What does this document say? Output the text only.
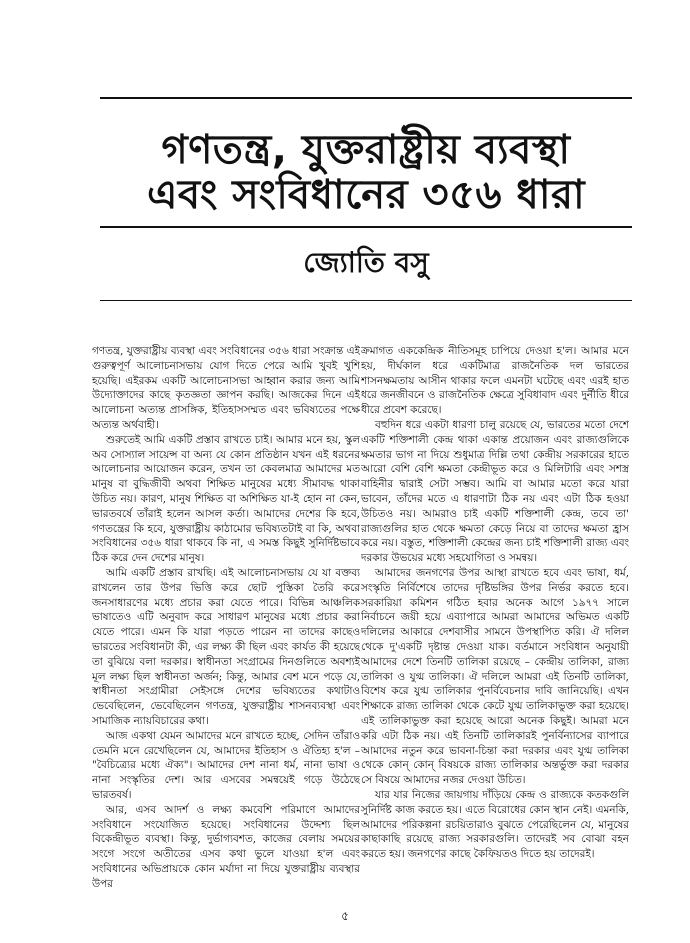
গণতন্ত্র, যুক্তরাষ্ট্রীয় ব্যবস্থা
এবং সংবিধানের ৩৫৬ ধারা
জ্যোতি বসু

গণতন্ত্র, যুক্তরাষ্ট্রীয় ব্যবস্থা এবং সংবিধানের ৩৫৬ ধারা সংক্রান্ত এই গুরুত্বপূর্ণ আলোচনাসভায় যোগ দিতে পেরে আমি খুবই খুশি হয়েছি। এইরকম একটি আলোচনাসভা আহ্বান করার জন্য আমি উদ্যোক্তাদের কাছে কৃতজ্ঞতা জ্ঞাপন করছি। আজকের দিনে এই আলোচনা অত্যন্ত প্রাসঙ্গিক, ইতিহাসসম্মত এবং ভবিষ্যতের পক্ষে অত্যন্ত অর্থবাহী।

শুরুতেই আমি একটি প্রস্তাব রাখতে চাই। আমার মনে হয়, স্কুল অব সোস্যাল সায়েন্স বা অন্য যে কোন প্রতিষ্ঠান যখন এই ধরনের আলোচনার আয়োজন করেন, তখন তা কেবলমাত্র আমাদের মত মানুষ বা বুদ্ধিজীবী অথবা শিক্ষিত মানুষের মধ্যে সীমাবদ্ধ থাকা উচিত নয়। কারণ, মানুষ শিক্ষিত বা অশিক্ষিত যা-ই হোন না কেন, ভারতবর্ষে তাঁরাই হলেন আসল কর্তা। আমাদের দেশের কি হবে, গণতন্ত্রের কি হবে, যুক্তরাষ্ট্রীয় কাঠামোর ভবিষ্যতটাই বা কি, অথবা সংবিধানের ৩৫৬ ধারা থাকবে কি না, এ সমস্ত কিছুই সুনির্দিষ্টভাবে ঠিক করে দেন দেশের মানুষ।

আমি একটি প্রস্তাব রাখছি। এই আলোচনাসভায় যে যা বক্তব্য রাখলেন তার উপর ভিত্তি করে ছোট পুস্তিকা তৈরি করে জনসাধারণের মধ্যে প্রচার করা যেতে পারে। বিভিন্ন আঞ্চলিক ভাষাতেও এটি অনুবাদ করে সাধারণ মানুষের মধ্যে প্রচার করা যেতে পারে। এমন কি যারা পড়তে পারেন না তাদের কাছেও ভারতের সংবিধানটা কী, এর লক্ষ্য কী ছিল এবং কার্যত কী হয়েছে তা বুঝিয়ে বলা দরকার। স্বাধীনতা সংগ্রামের দিনগুলিতে অবশ্যই মূল লক্ষ্য ছিল স্বাধীনতা অর্জন; কিন্তু, আমার বেশ মনে পড়ে যে, স্বাধীনতা সংগ্রামীরা সেইসঙ্গে দেশের ভবিষ্যতের কথাটাও ভেবেছিলেন, ভেবেছিলেন গণতন্ত্র, যুক্তরাষ্ট্রীয় শাসনব্যবস্থা এবং সামাজিক ন্যায়বিচারের কথা।

আজ একথা যেমন আমাদের মনে রাখতে হচ্ছে, সেদিন তাঁরাও তেমনি মনে রেখেছিলেন যে, আমাদের ইতিহাস ও ঐতিহ্য হ'ল – "বৈচিত্র্যের মধ্যে ঐক্য"। আমাদের দেশ নানা ধর্ম, নানা ভাষা ও নানা সংস্কৃতির দেশ। আর এসবের সমন্বয়েই গড়ে উঠেছে ভারতবর্ষ।

আর, এসব আদর্শ ও লক্ষ্য কমবেশি পরিমাণে আমাদের সংবিধানে সংযোজিত হয়েছে। সংবিধানের উদ্দেশ্য ছিল বিকেন্দ্রীভূত ব্যবস্থা। কিন্তু, দুর্ভাগ্যবশত, কাজের বেলায় সময়ের সংগে সংগে অতীতের এসব কথা ভুলে যাওয়া হ'ল এবং সংবিধানের অভিপ্রায়কে কোন মর্যাদা না দিয়ে যুক্তরাষ্ট্রীয় ব্যবস্থার উপর

ক্রমাগত এককেন্দ্রিক নীতিসমূহ চাপিয়ে দেওয়া হ'ল। আমার মনে হয়, দীর্ঘকাল ধরে একটিমাত্র রাজনৈতিক দল ভারতের শাসনক্ষমতায় আসীন থাকার ফলে এমনটা ঘটেছে এবং এরই হাত ধরে জনজীবনে ও রাজনৈতিক ক্ষেত্রে সুবিধাবাদ এবং দুর্নীতি ধীরে ধীরে প্রবেশ করেছে।

বহুদিন ধরে একটা ধারণা চালু রয়েছে যে, ভারতের মতো দেশে একটি শক্তিশালী কেন্দ্র থাকা একান্ত প্রয়োজন এবং রাজ্যগুলিকে ক্ষমতার ভাগ না দিয়ে শুধুমাত্র দিল্লি তথা কেন্দ্রীয় সরকারের হাতে আরো বেশি বেশি ক্ষমতা কেন্দ্রীভূত করে ও মিলিটারি এবং সশস্ত্র বাহিনীর দ্বারাই সেটা সম্ভব। আমি বা আমার মতো করে যারা ভাবেন, তাঁদের মতে এ ধারণাটা ঠিক নয় এবং এটা ঠিক হওয়া উচিতও নয়। আমরাও চাই একটি শক্তিশালী কেন্দ্র, তবে তা' রাজ্যগুলির হাত থেকে ক্ষমতা কেড়ে নিয়ে বা তাদের ক্ষমতা হ্রাস করে নয়। বস্তুত, শক্তিশালী কেন্দ্রের জন্য চাই শক্তিশালী রাজ্য এবং দরকার উভয়ের মধ্যে সহযোগিতা ও সমন্বয়।

আমাদের জনগণের উপর আস্থা রাখতে হবে এবং ভাষা, ধর্ম, সংস্কৃতি নির্বিশেষে তাদের দৃষ্টিভঙ্গির উপর নির্ভর করতে হবে। সরকারিয়া কমিশন গঠিত হবার অনেক আগে ১৯৭৭ সালে নির্বাচনে জয়ী হয়ে এব্যাপারে আমরা আমাদের অভিমত একটি দলিলের আকারে দেশবাসীর সামনে উপস্থাপিত করি। ঐ দলিল থেকে দু'একটি দৃষ্টান্ত দেওয়া যাক। বর্তমানে সংবিধান অনুযায়ী আমাদের দেশে তিনটি তালিকা রয়েছে – কেন্দ্রীয় তালিকা, রাজ্য তালিকা ও যুগ্ম তালিকা। ঐ দলিলে আমরা এই তিনটি তালিকা, বিশেষ করে যুগ্ম তালিকার পুনর্বিবেচনার দাবি জানিয়েছি। এখন শিক্ষাকে রাজ্য তালিকা থেকে কেটে যুগ্ম তালিকাভুক্ত করা হয়েছে। এই তালিকাভুক্ত করা হয়েছে আরো অনেক কিছুই। আমরা মনে করি এটা ঠিক নয়। এই তিনটি তালিকারই পুনর্বিন্যাসের ব্যাপারে আমাদের নতুন করে ভাবনা-চিন্তা করা দরকার এবং যুগ্ম তালিকা থেকে কোন্ কোন্ বিষয়কে রাজ্য তালিকার অন্তর্ভুক্ত করা দরকার সে বিষয়ে আমাদের নজর দেওয়া উচিত।

যার যার নিজের জায়গায় দাঁড়িয়ে কেন্দ্র ও রাজ্যকে কতকগুলি সুনির্দিষ্ট কাজ করতে হয়। এতে বিরোধের কোন স্থান নেই। এমনকি, আমাদের পরিকল্পনা রচয়িতারাও বুঝতে পেরেছিলেন যে, মানুষের কাছাকাছি রয়েছে রাজ্য সরকারগুলি। তাদেরই সব বোঝা বহন করতে হয়। জনগণের কাছে কৈফিয়তও দিতে হয় তাদেরই।

৫
